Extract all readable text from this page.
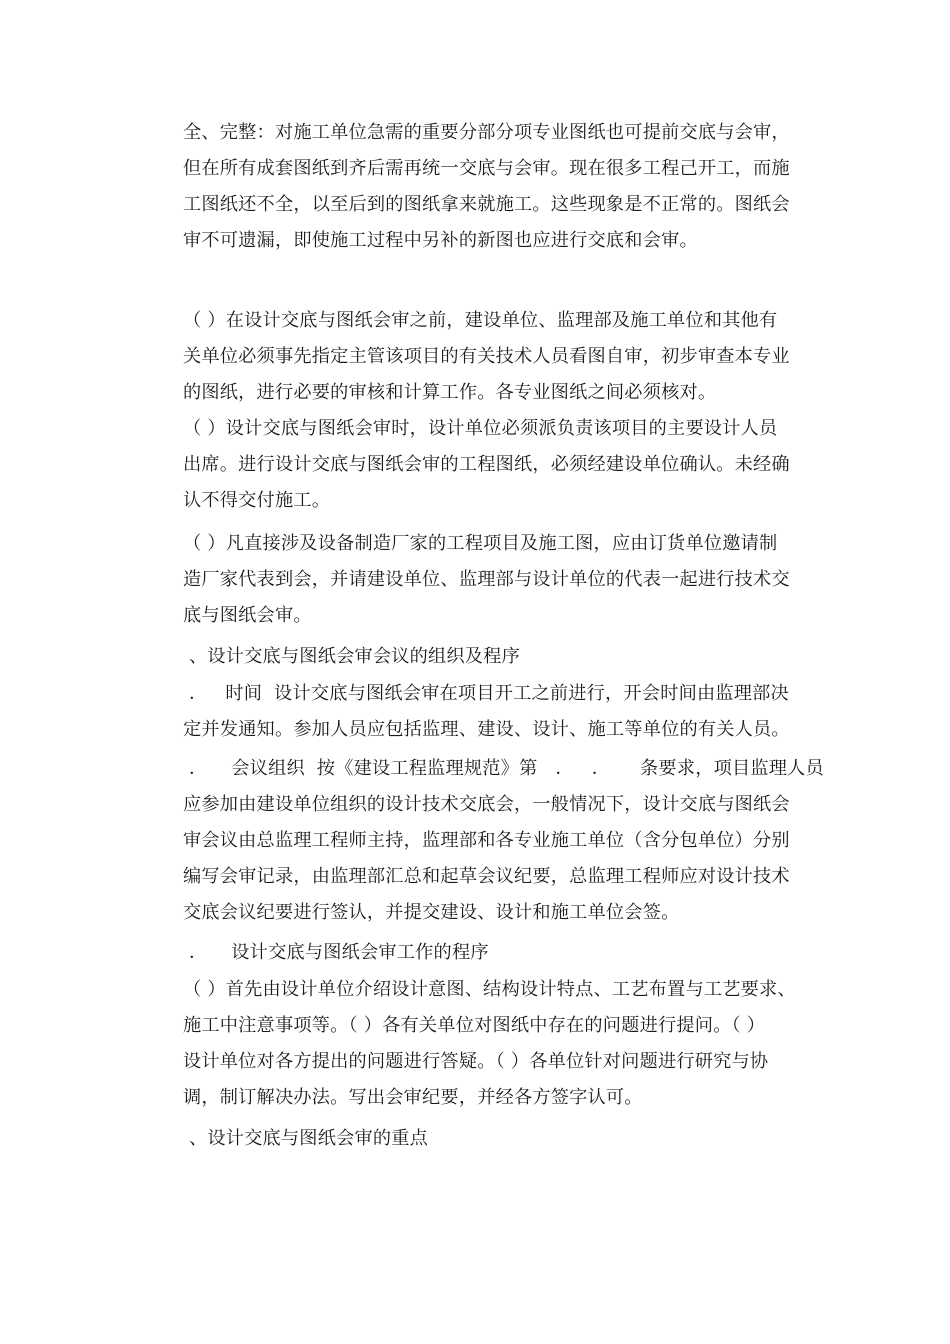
全、完整：对施工单位急需的重要分部分项专业图纸也可提前交底与会审，
但在所有成套图纸到齐后需再统一交底与会审。现在很多工程己开工，而施
工图纸还不全，以至后到的图纸拿来就施工。这些现象是不正常的。图纸会
审不可遗漏，即使施工过程中另补的新图也应进行交底和会审。
（ ）在设计交底与图纸会审之前，建设单位、监理部及施工单位和其他有
关单位必须事先指定主管该项目的有关技术人员看图自审，初步审查本专业
的图纸，进行必要的审核和计算工作。各专业图纸之间必须核对。
（ ）设计交底与图纸会审时，设计单位必须派负责该项目的主要设计人员
出席。进行设计交底与图纸会审的工程图纸，必须经建设单位确认。未经确
认不得交付施工。
（ ）凡直接涉及设备制造厂家的工程项目及施工图，应由订货单位邀请制
造厂家代表到会，并请建设单位、监理部与设计单位的代表一起进行技术交
底与图纸会审。
、设计交底与图纸会审会议的组织及程序
．   时间  设计交底与图纸会审在项目开工之前进行，开会时间由监理部决
定并发通知。参加人员应包括监理、建设、设计、施工等单位的有关人员。
．    会议组织  按《建设工程监理规范》第   ．   ．     条要求，项目监理人员
应参加由建设单位组织的设计技术交底会，一般情况下，设计交底与图纸会
审会议由总监理工程师主持，监理部和各专业施工单位（含分包单位）分别
编写会审记录，由监理部汇总和起草会议纪要，总监理工程师应对设计技术
交底会议纪要进行签认，并提交建设、设计和施工单位会签。
．    设计交底与图纸会审工作的程序
（ ）首先由设计单位介绍设计意图、结构设计特点、工艺布置与工艺要求、
施工中注意事项等。（ ）各有关单位对图纸中存在的问题进行提问。（ ）
设计单位对各方提出的问题进行答疑。（ ）各单位针对问题进行研究与协
调，制订解决办法。写出会审纪要，并经各方签字认可。
、设计交底与图纸会审的重点
